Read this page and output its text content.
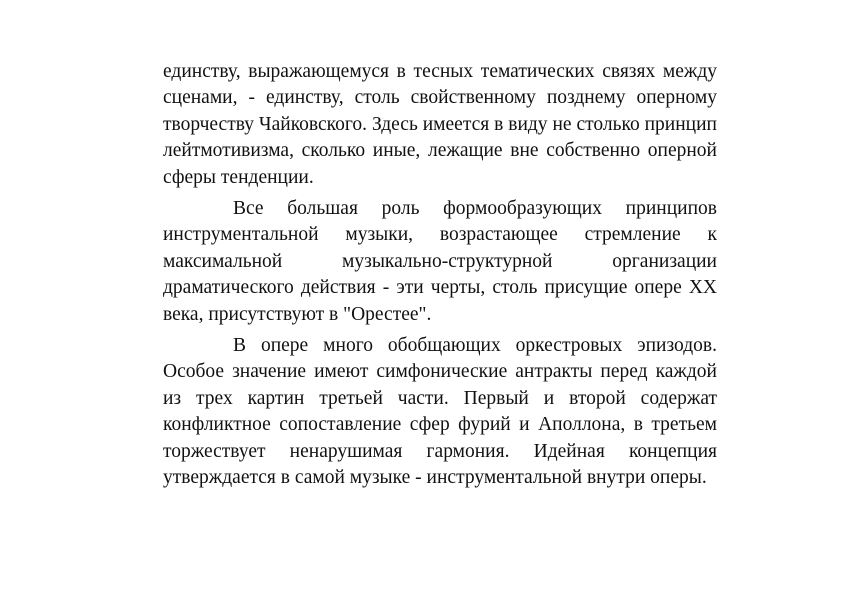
единству, выражающемуся в тесных тематических связях между сценами, - единству, столь свойственному позднему оперному творчеству Чайковского. Здесь имеется в виду не столько принцип лейтмотивизма, сколько иные, лежащие вне собственно оперной сферы тенденции.

Все большая роль формообразующих принципов инструментальной музыки, возрастающее стремление к максимальной музыкально-структурной организации драматического действия - эти черты, столь присущие опере XX века, присутствуют в "Орестее".

В опере много обобщающих оркестровых эпизодов. Особое значение имеют симфонические антракты перед каждой из трех картин третьей части. Первый и второй содержат конфликтное сопоставление сфер фурий и Аполлона, в третьем торжествует ненарушимая гармония. Идейная концепция утверждается в самой музыке - инструментальной внутри оперы.
